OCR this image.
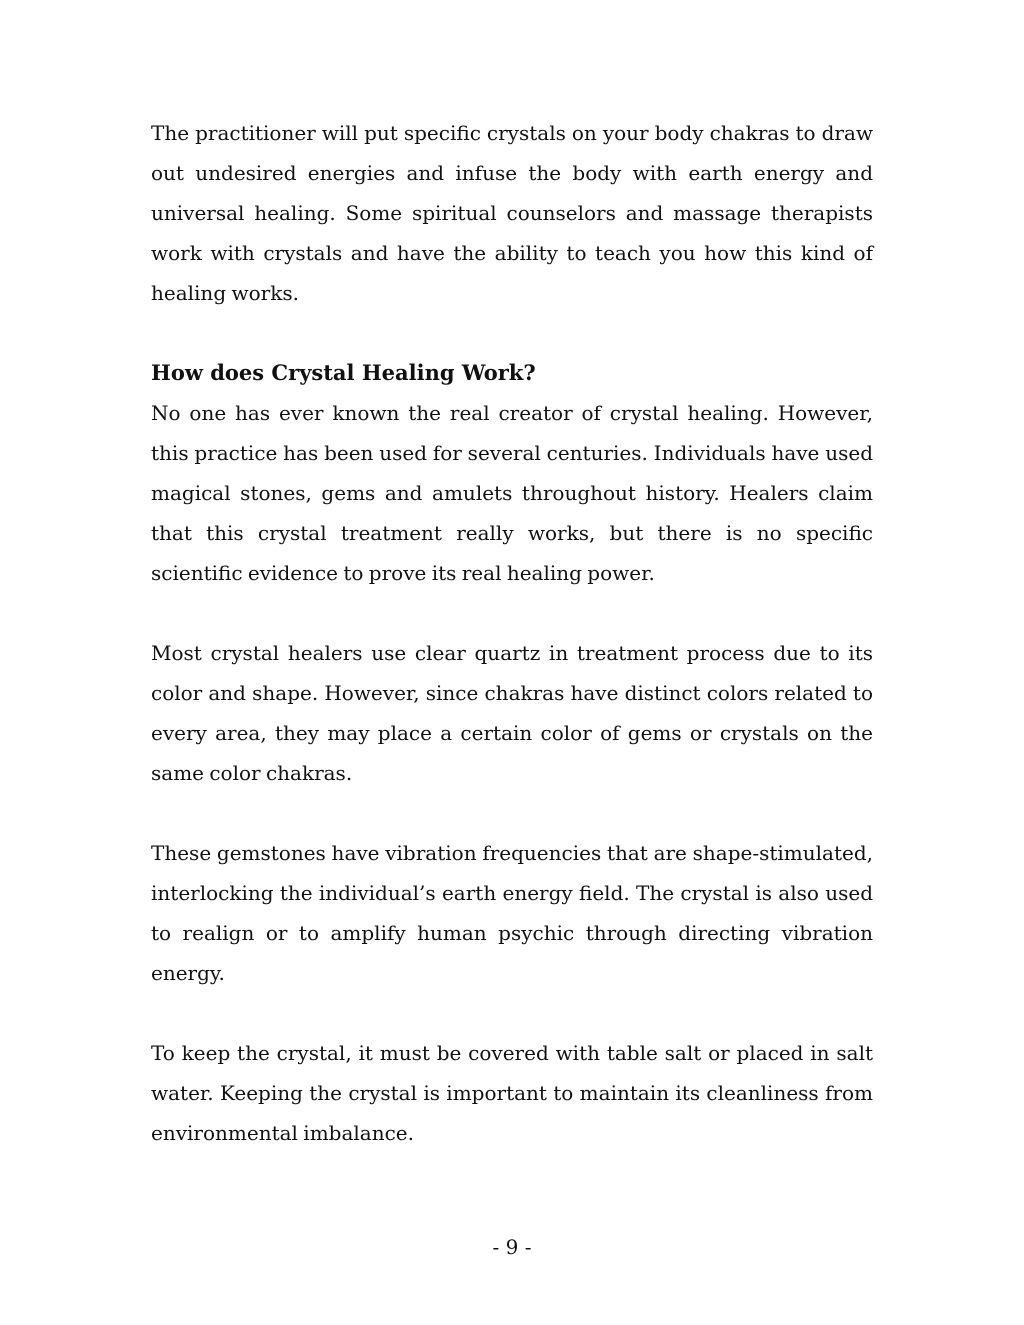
The practitioner will put specific crystals on your body chakras to draw out undesired energies and infuse the body with earth energy and universal healing. Some spiritual counselors and massage therapists work with crystals and have the ability to teach you how this kind of healing works.

How does Crystal Healing Work?

No one has ever known the real creator of crystal healing. However, this practice has been used for several centuries. Individuals have used magical stones, gems and amulets throughout history. Healers claim that this crystal treatment really works, but there is no specific scientific evidence to prove its real healing power.

Most crystal healers use clear quartz in treatment process due to its color and shape. However, since chakras have distinct colors related to every area, they may place a certain color of gems or crystals on the same color chakras.

These gemstones have vibration frequencies that are shape-stimulated, interlocking the individual’s earth energy field. The crystal is also used to realign or to amplify human psychic through directing vibration energy.

To keep the crystal, it must be covered with table salt or placed in salt water. Keeping the crystal is important to maintain its cleanliness from environmental imbalance.

- 9 -
